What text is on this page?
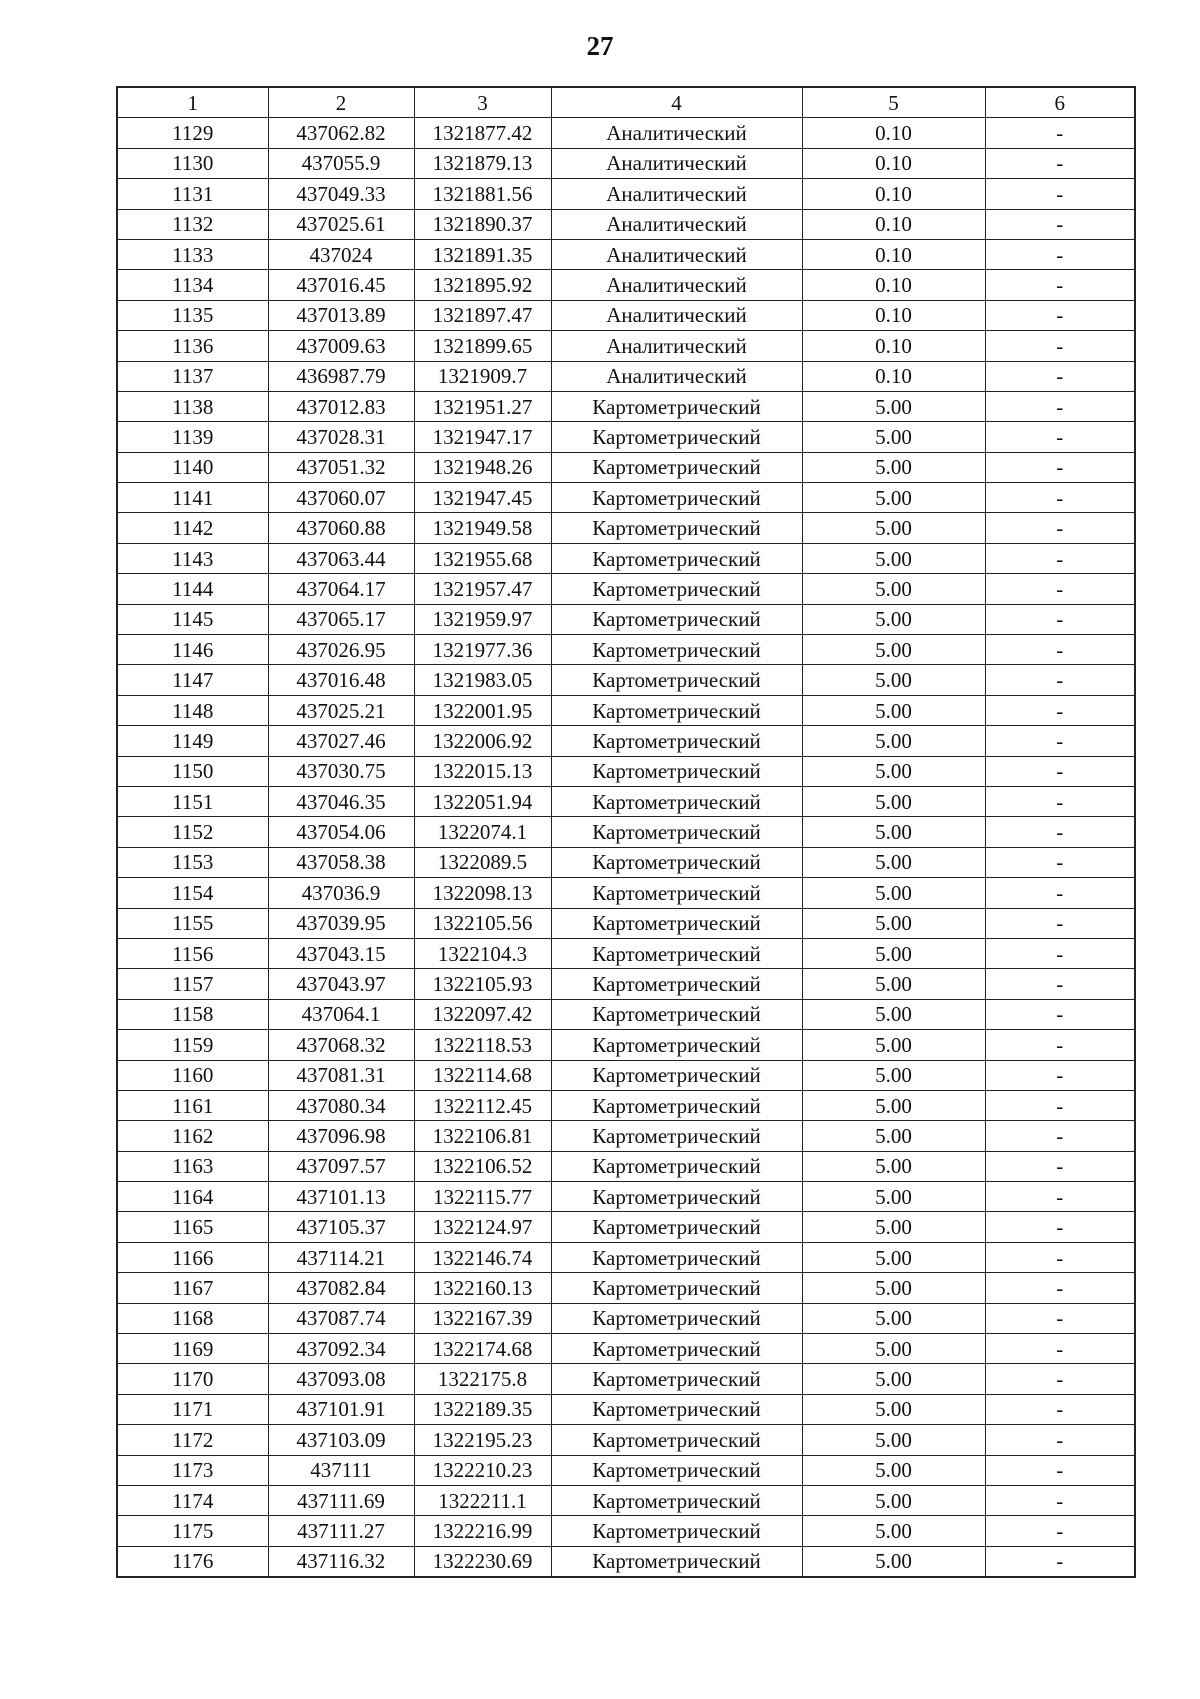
27
1	2	3	4	5	6
1129	437062.82	1321877.42	Аналитический	0.10	-
1130	437055.9	1321879.13	Аналитический	0.10	-
1131	437049.33	1321881.56	Аналитический	0.10	-
1132	437025.61	1321890.37	Аналитический	0.10	-
1133	437024	1321891.35	Аналитический	0.10	-
1134	437016.45	1321895.92	Аналитический	0.10	-
1135	437013.89	1321897.47	Аналитический	0.10	-
1136	437009.63	1321899.65	Аналитический	0.10	-
1137	436987.79	1321909.7	Аналитический	0.10	-
1138	437012.83	1321951.27	Картометрический	5.00	-
1139	437028.31	1321947.17	Картометрический	5.00	-
1140	437051.32	1321948.26	Картометрический	5.00	-
1141	437060.07	1321947.45	Картометрический	5.00	-
1142	437060.88	1321949.58	Картометрический	5.00	-
1143	437063.44	1321955.68	Картометрический	5.00	-
1144	437064.17	1321957.47	Картометрический	5.00	-
1145	437065.17	1321959.97	Картометрический	5.00	-
1146	437026.95	1321977.36	Картометрический	5.00	-
1147	437016.48	1321983.05	Картометрический	5.00	-
1148	437025.21	1322001.95	Картометрический	5.00	-
1149	437027.46	1322006.92	Картометрический	5.00	-
1150	437030.75	1322015.13	Картометрический	5.00	-
1151	437046.35	1322051.94	Картометрический	5.00	-
1152	437054.06	1322074.1	Картометрический	5.00	-
1153	437058.38	1322089.5	Картометрический	5.00	-
1154	437036.9	1322098.13	Картометрический	5.00	-
1155	437039.95	1322105.56	Картометрический	5.00	-
1156	437043.15	1322104.3	Картометрический	5.00	-
1157	437043.97	1322105.93	Картометрический	5.00	-
1158	437064.1	1322097.42	Картометрический	5.00	-
1159	437068.32	1322118.53	Картометрический	5.00	-
1160	437081.31	1322114.68	Картометрический	5.00	-
1161	437080.34	1322112.45	Картометрический	5.00	-
1162	437096.98	1322106.81	Картометрический	5.00	-
1163	437097.57	1322106.52	Картометрический	5.00	-
1164	437101.13	1322115.77	Картометрический	5.00	-
1165	437105.37	1322124.97	Картометрический	5.00	-
1166	437114.21	1322146.74	Картометрический	5.00	-
1167	437082.84	1322160.13	Картометрический	5.00	-
1168	437087.74	1322167.39	Картометрический	5.00	-
1169	437092.34	1322174.68	Картометрический	5.00	-
1170	437093.08	1322175.8	Картометрический	5.00	-
1171	437101.91	1322189.35	Картометрический	5.00	-
1172	437103.09	1322195.23	Картометрический	5.00	-
1173	437111	1322210.23	Картометрический	5.00	-
1174	437111.69	1322211.1	Картометрический	5.00	-
1175	437111.27	1322216.99	Картометрический	5.00	-
1176	437116.32	1322230.69	Картометрический	5.00	-
